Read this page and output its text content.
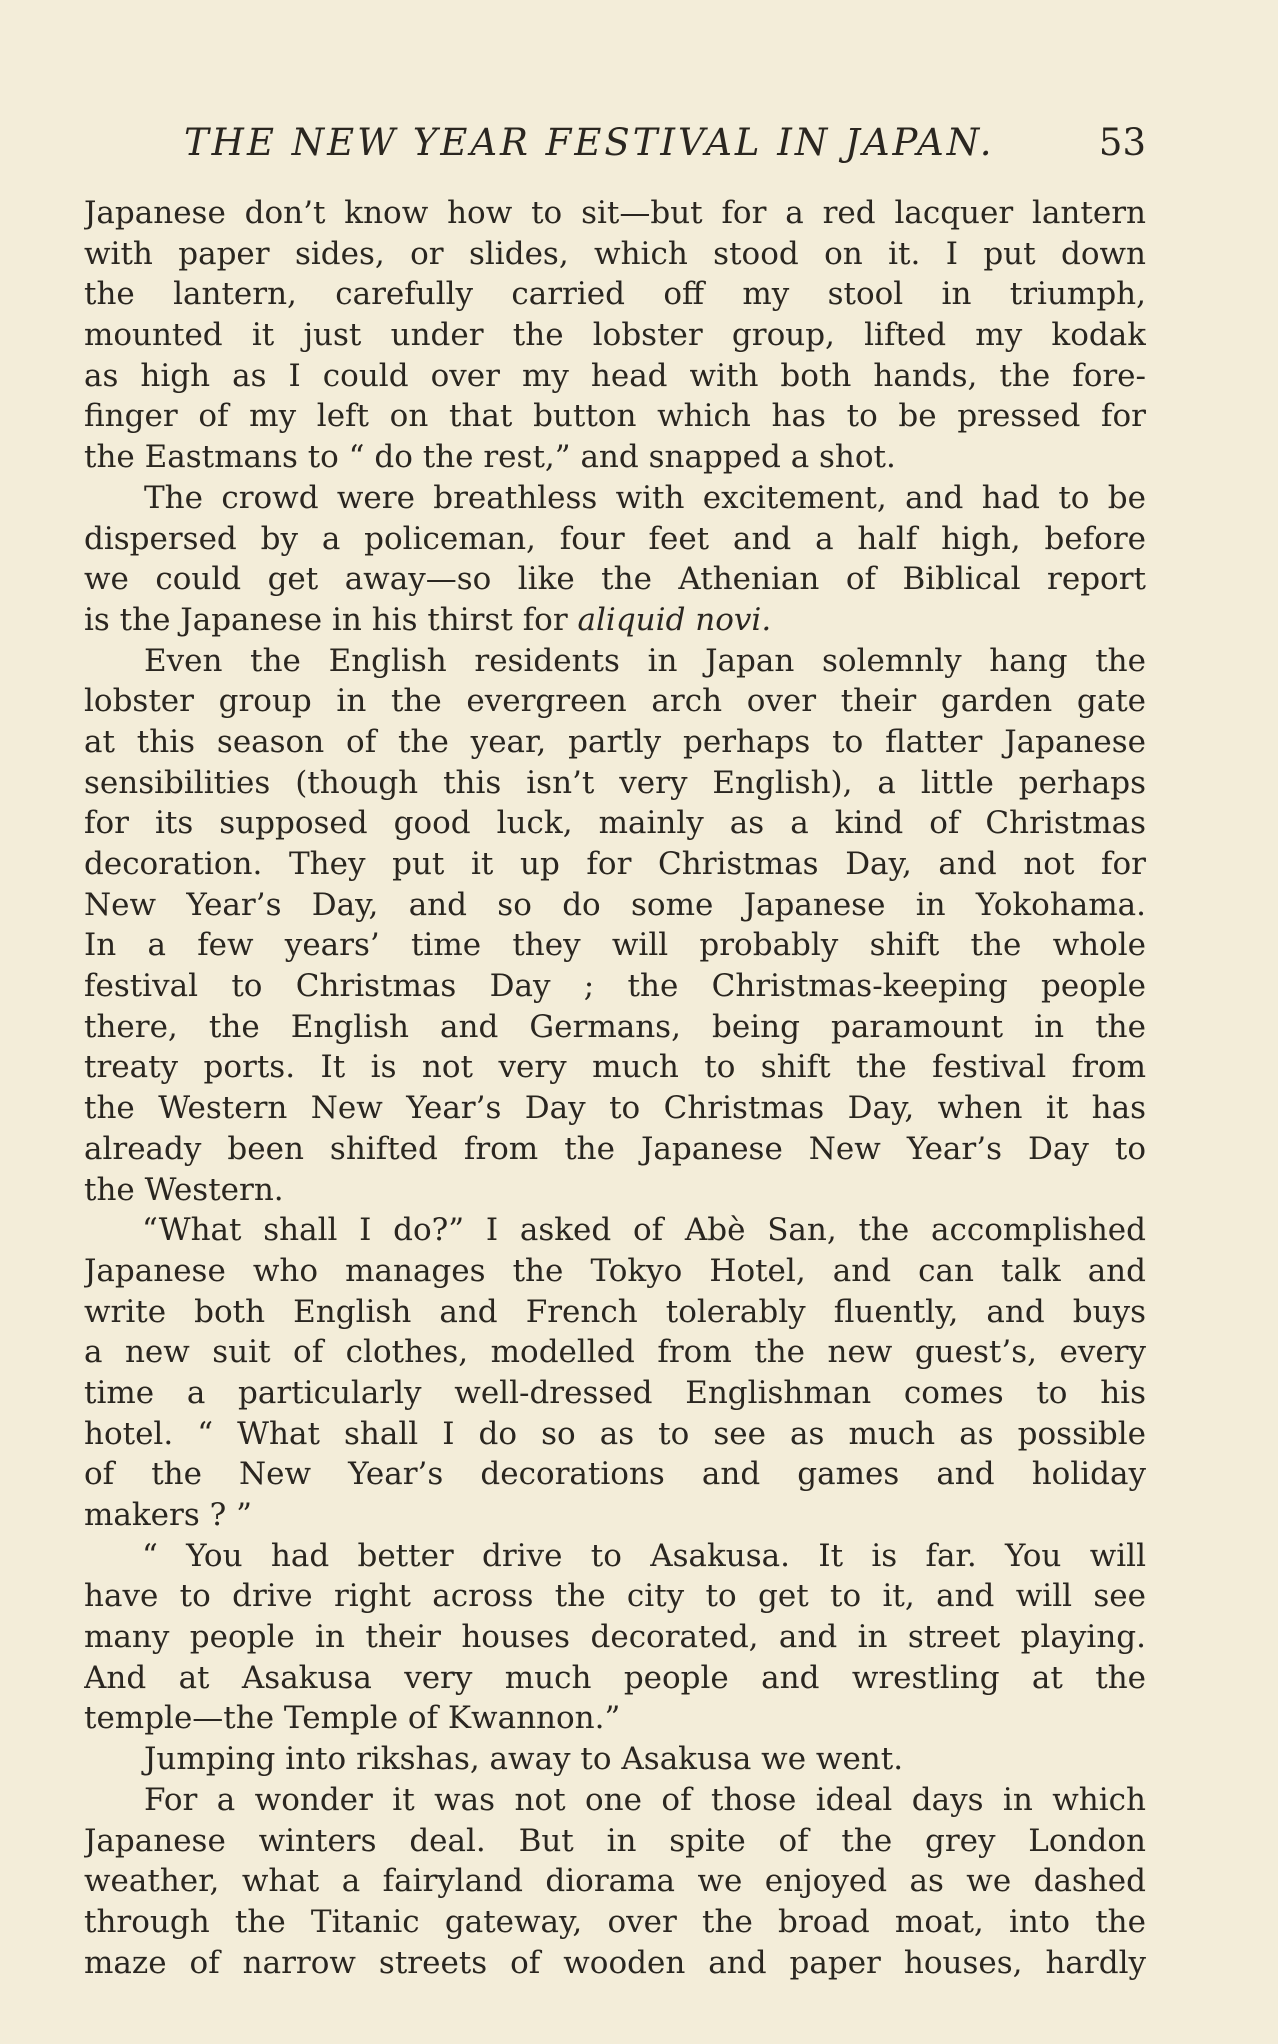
THE NEW YEAR FESTIVAL IN JAPAN.	53
Japanese don’t know how to sit—but for a red lacquer lantern
with paper sides, or slides, which stood on it. I put down
the lantern, carefully carried off my stool in triumph,
mounted it just under the lobster group, lifted my kodak
as high as I could over my head with both hands, the fore-
finger of my left on that button which has to be pressed for
the Eastmans to “ do the rest,” and snapped a shot.
The crowd were breathless with excitement, and had to be
dispersed by a policeman, four feet and a half high, before
we could get away—so like the Athenian of Biblical report
is the Japanese in his thirst for aliquid novi.
Even the English residents in Japan solemnly hang the
lobster group in the evergreen arch over their garden gate
at this season of the year, partly perhaps to flatter Japanese
sensibilities (though this isn’t very English), a little perhaps
for its supposed good luck, mainly as a kind of Christmas
decoration. They put it up for Christmas Day, and not for
New Year’s Day, and so do some Japanese in Yokohama.
In a few years’ time they will probably shift the whole
festival to Christmas Day ; the Christmas-keeping people
there, the English and Germans, being paramount in the
treaty ports. It is not very much to shift the festival from
the Western New Year’s Day to Christmas Day, when it has
already been shifted from the Japanese New Year’s Day to
the Western.
“What shall I do?” I asked of Abè San, the accomplished
Japanese who manages the Tokyo Hotel, and can talk and
write both English and French tolerably fluently, and buys
a new suit of clothes, modelled from the new guest’s, every
time a particularly well-dressed Englishman comes to his
hotel. “ What shall I do so as to see as much as possible
of the New Year’s decorations and games and holiday
makers ? ”
“ You had better drive to Asakusa. It is far. You will
have to drive right across the city to get to it, and will see
many people in their houses decorated, and in street playing.
And at Asakusa very much people and wrestling at the
temple—the Temple of Kwannon.”
Jumping into rikshas, away to Asakusa we went.
For a wonder it was not one of those ideal days in which
Japanese winters deal. But in spite of the grey London
weather, what a fairyland diorama we enjoyed as we dashed
through the Titanic gateway, over the broad moat, into the
maze of narrow streets of wooden and paper houses, hardly
